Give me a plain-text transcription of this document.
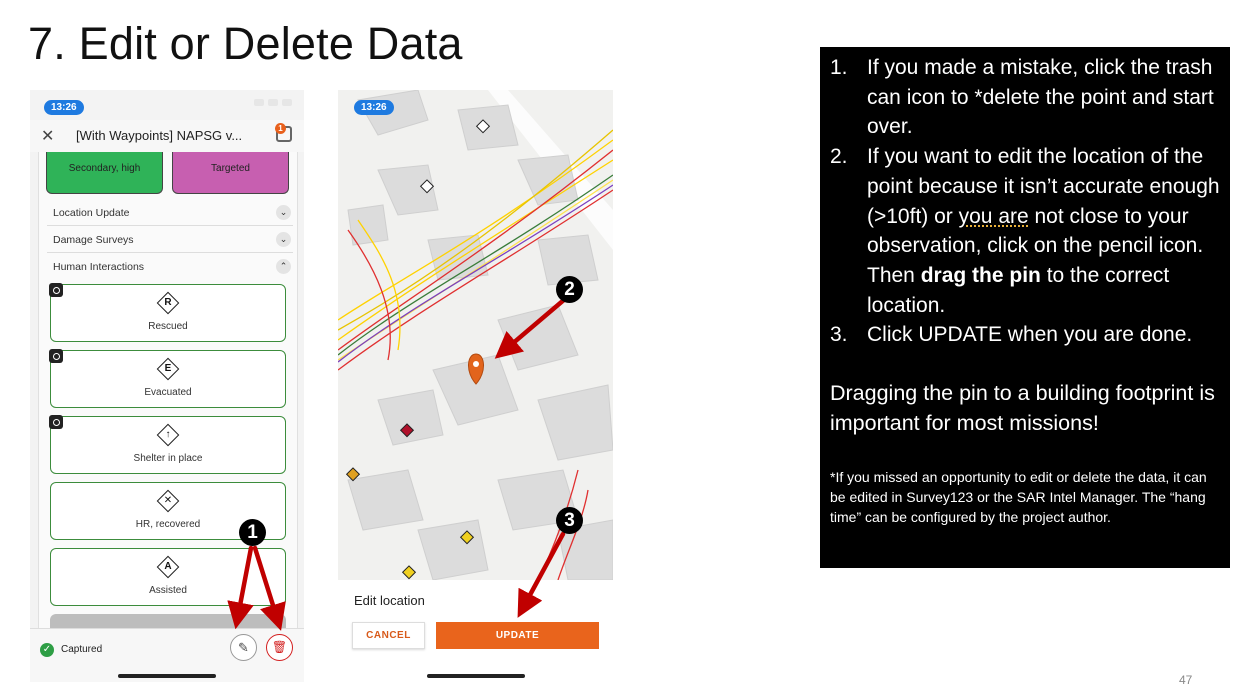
7. Edit or Delete Data
13:26
✕ [With Waypoints] NAPSG v...	1
Secondary, high	Targeted
Location Update	⌄
Damage Surveys	⌄
Human Interactions	⌃
R
Rescued
E
Evacuated
↑
Shelter in place
✕
HR, recovered
A
Assisted
✓ Captured	✎	🗑
13:26
Edit location
CANCEL	UPDATE
1. If you made a mistake, click the trash can icon to *delete the point and start over.
2. If you want to edit the location of the point because it isn’t accurate enough (>10ft) or you are not close to your observation, click on the pencil icon. Then drag the pin to the correct location.
3. Click UPDATE when you are done.

Dragging the pin to a building footprint is important for most missions!

*If you missed an opportunity to edit or delete the data, it can be edited in Survey123 or the SAR Intel Manager. The “hang time” can be configured by the project author.

1
2
3
47
